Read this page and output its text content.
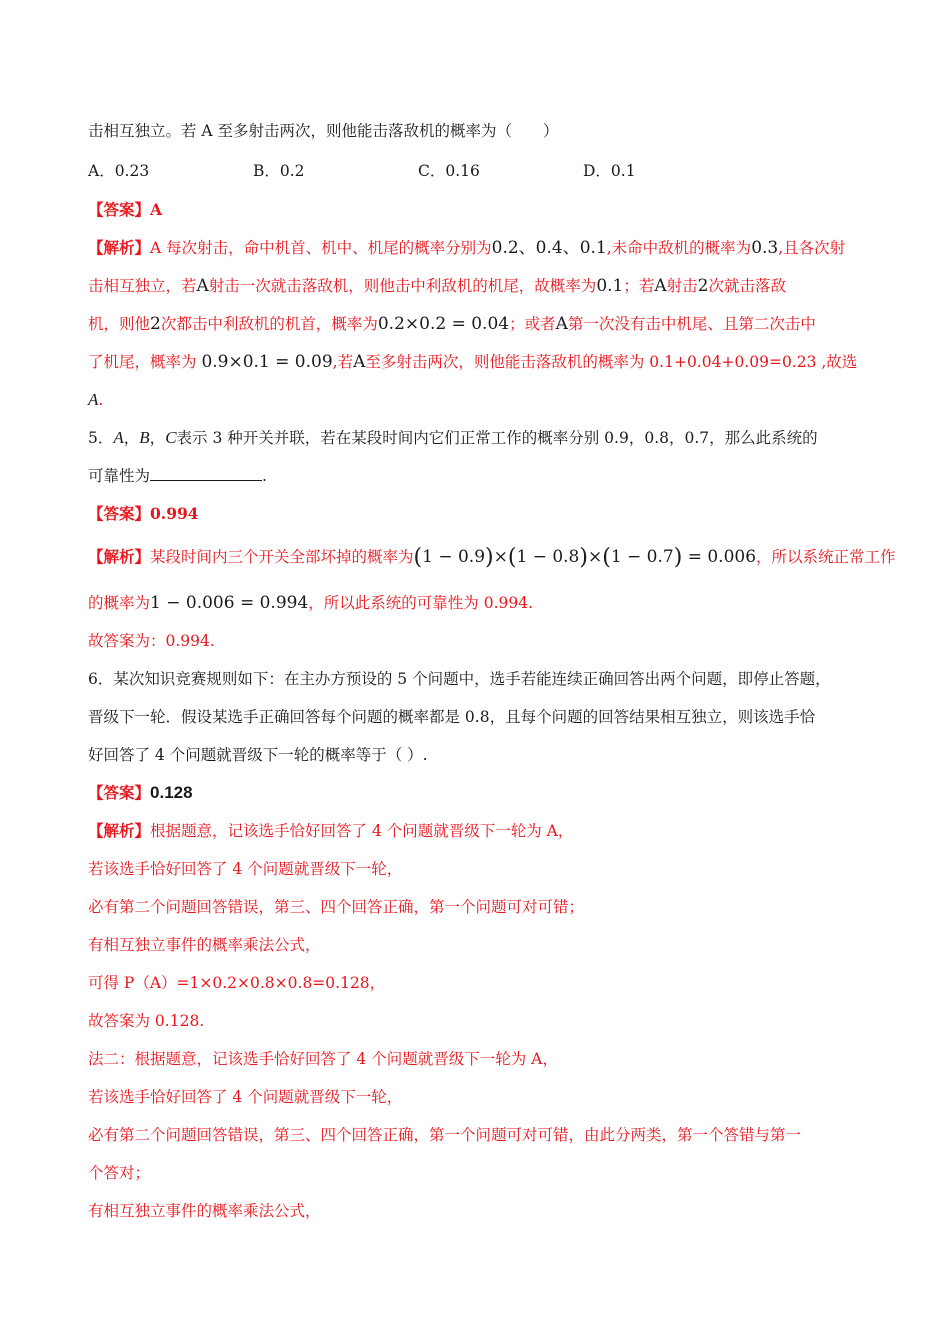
击相互独立。若 A 至多射击两次，则他能击落敌机的概率为（　　）
A．0.23	B．0.2	C．0.16	D．0.1
【答案】A
【解析】A 每次射击，命中机首、机中、机尾的概率分别为0.2、0.4、0.1,未命中敌机的概率为0.3,且各次射
击相互独立，若A射击一次就击落敌机，则他击中利敌机的机尾，故概率为0.1；若A射击2次就击落敌
机，则他2次都击中利敌机的机首，概率为0.2×0.2 = 0.04；或者A第一次没有击中机尾、且第二次击中
了机尾，概率为 0.9×0.1 = 0.09,若A至多射击两次，则他能击落敌机的概率为 0.1+0.04+0.09=0.23 ,故选
A.
5．A，B，C表示 3 种开关并联，若在某段时间内它们正常工作的概率分别 0.9，0.8，0.7，那么此系统的
可靠性为	.
【答案】0.994
【解析】某段时间内三个开关全部坏掉的概率为(1 − 0.9)×(1 − 0.8)×(1 − 0.7) = 0.006，所以系统正常工作
的概率为1 − 0.006 = 0.994，所以此系统的可靠性为 0.994.
故答案为：0.994.
6．某次知识竞赛规则如下：在主办方预设的 5 个问题中，选手若能连续正确回答出两个问题，即停止答题，
晋级下一轮．假设某选手正确回答每个问题的概率都是 0.8，且每个问题的回答结果相互独立，则该选手恰
好回答了 4 个问题就晋级下一轮的概率等于（ ）.
【答案】0.128
【解析】根据题意，记该选手恰好回答了 4 个问题就晋级下一轮为 A，
若该选手恰好回答了 4 个问题就晋级下一轮，
必有第二个问题回答错误，第三、四个回答正确，第一个问题可对可错；
有相互独立事件的概率乘法公式，
可得 P（A）=1×0.2×0.8×0.8=0.128，
故答案为 0.128.
法二：根据题意，记该选手恰好回答了 4 个问题就晋级下一轮为 A，
若该选手恰好回答了 4 个问题就晋级下一轮，
必有第二个问题回答错误，第三、四个回答正确，第一个问题可对可错，由此分两类，第一个答错与第一
个答对；
有相互独立事件的概率乘法公式，
